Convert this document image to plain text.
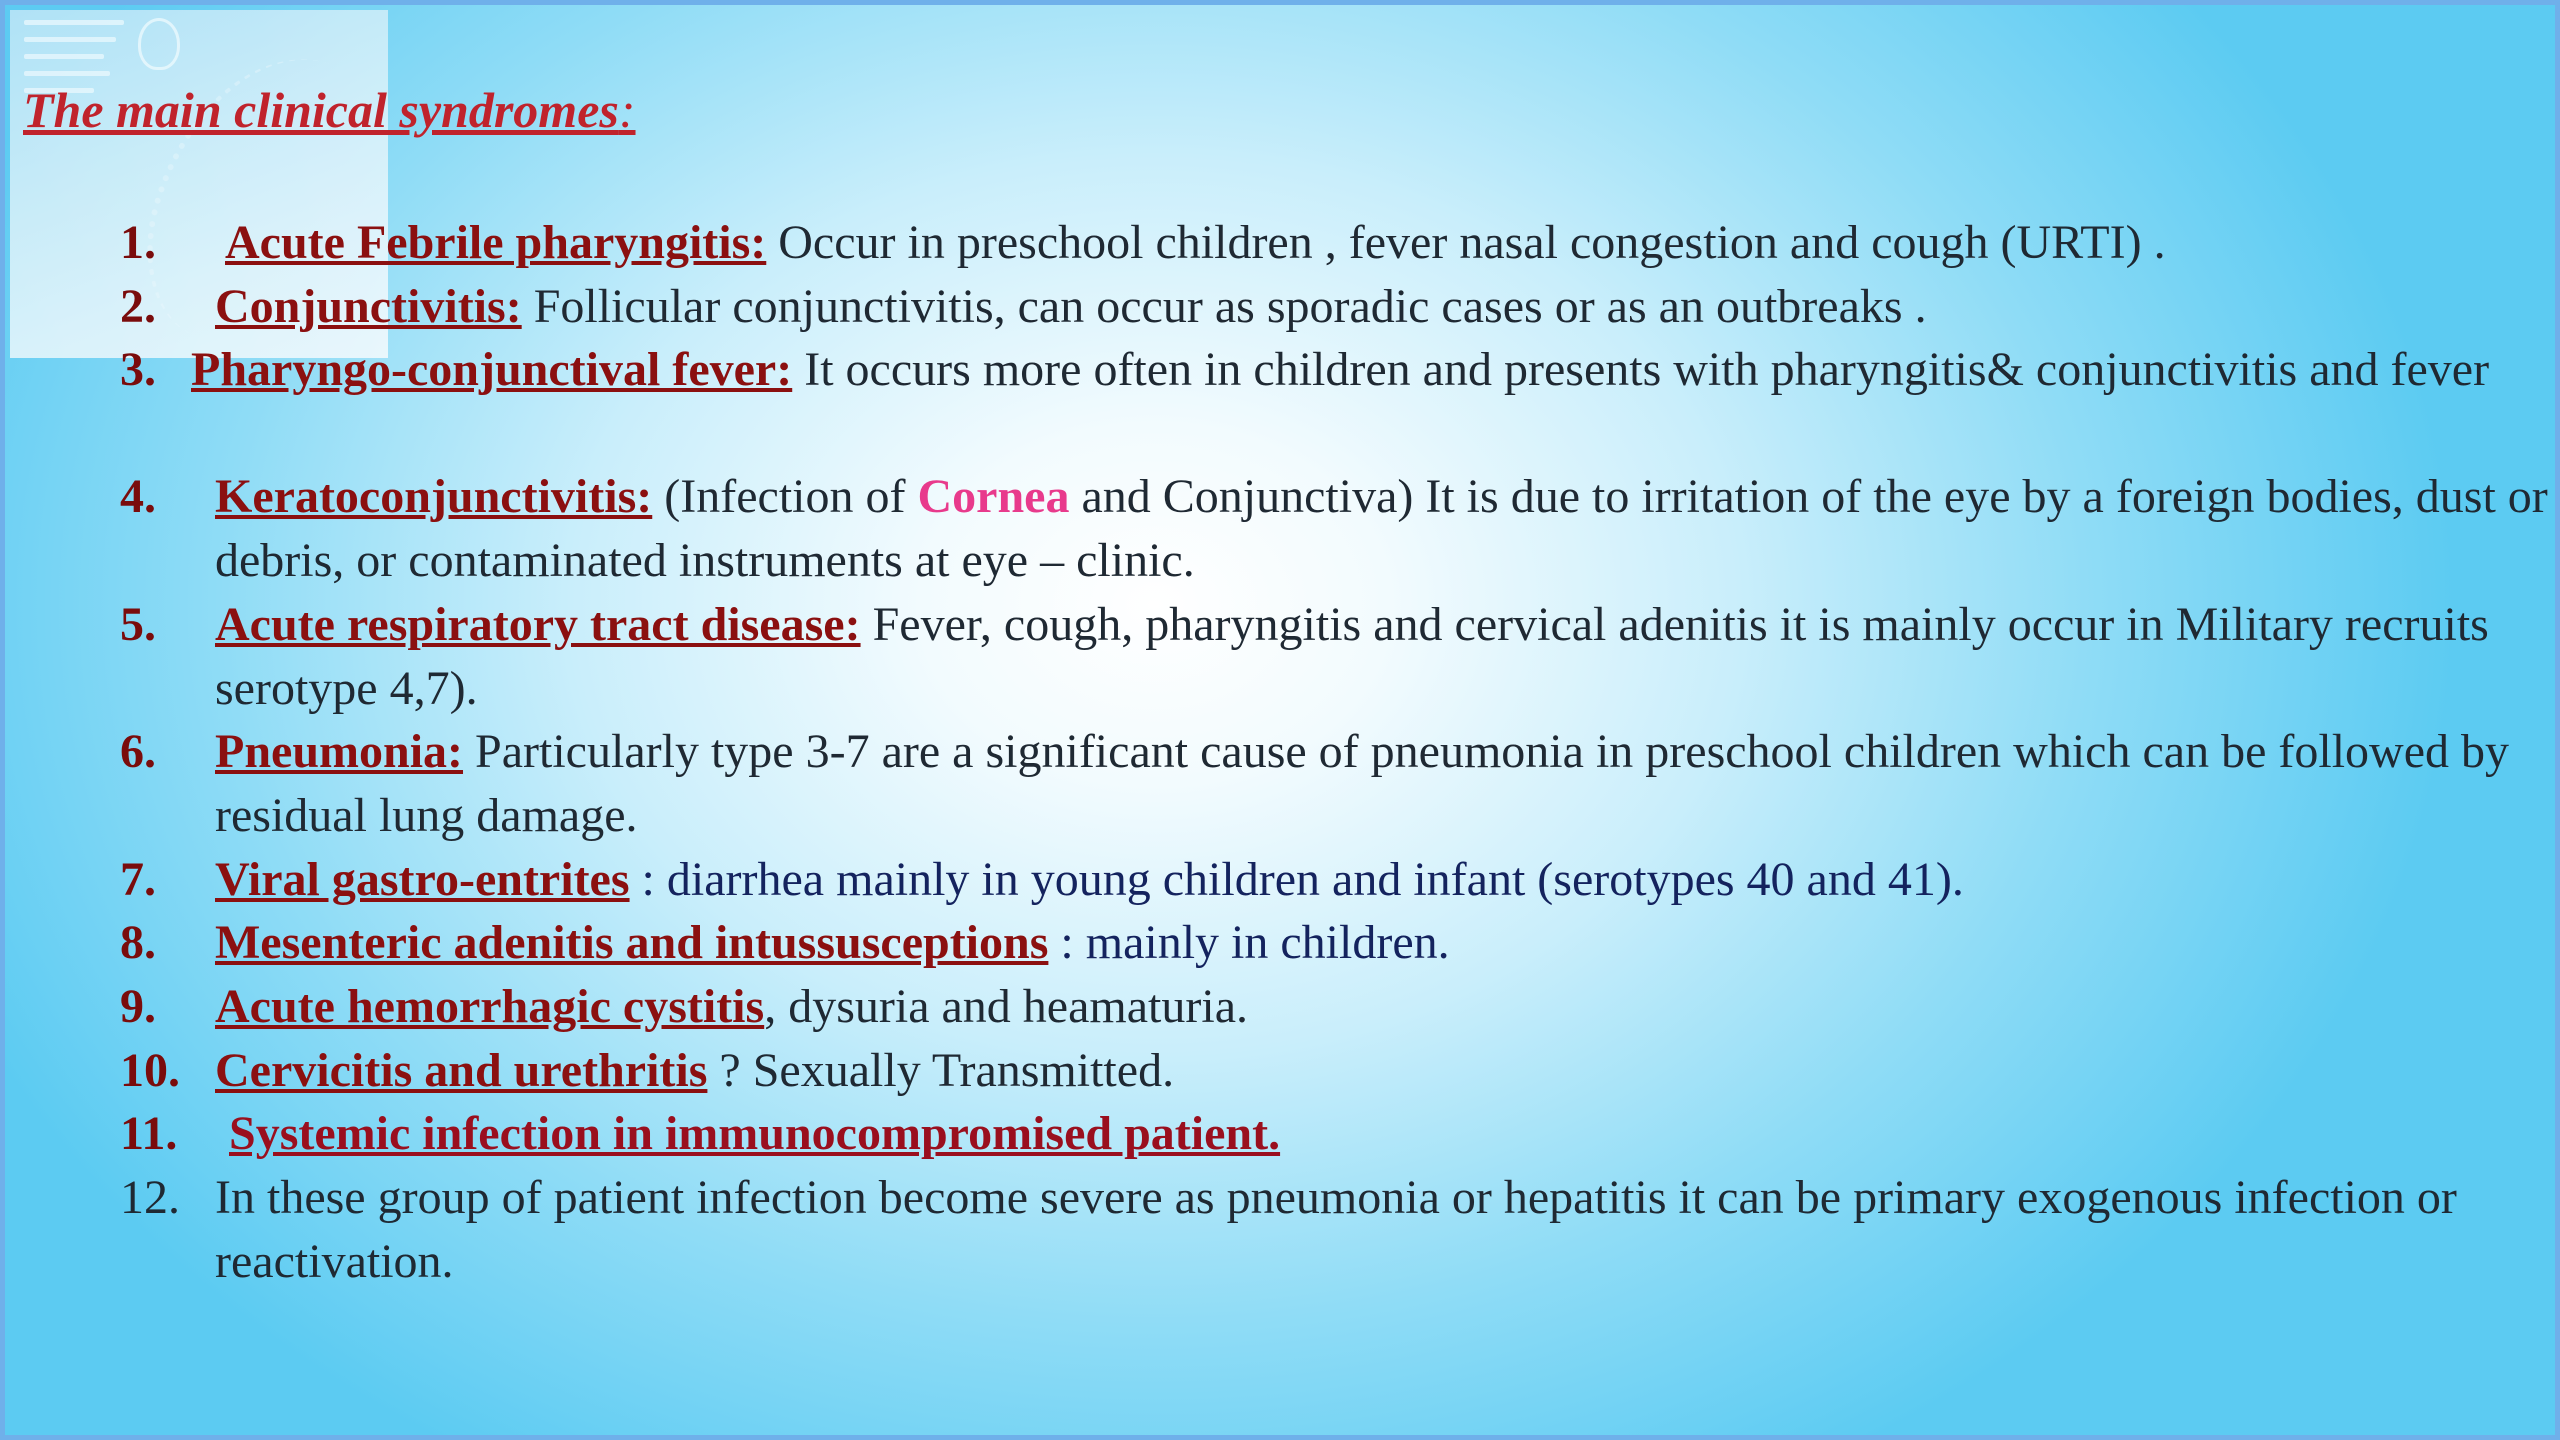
The main clinical syndromes:
1. Acute Febrile pharyngitis: Occur in preschool children , fever nasal congestion and cough (URTI) .
2. Conjunctivitis: Follicular conjunctivitis, can occur as sporadic cases or as an outbreaks .
3. Pharyngo-conjunctival fever: It occurs more often in children and presents with pharyngitis& conjunctivitis and fever
4. Keratoconjunctivitis: (Infection of Cornea and Conjunctiva) It is due to irritation of the eye by a foreign bodies, dust or debris, or contaminated instruments at eye – clinic.
5. Acute respiratory tract disease: Fever, cough, pharyngitis and cervical adenitis it is mainly occur in Military recruits serotype 4,7).
6. Pneumonia: Particularly type 3-7 are a significant cause of pneumonia in preschool children which can be followed by residual lung damage.
7. Viral gastro-entrites : diarrhea mainly in young children and infant (serotypes 40 and 41).
8. Mesenteric adenitis and intussusceptions : mainly in children.
9. Acute hemorrhagic cystitis, dysuria and heamaturia.
10. Cervicitis and urethritis ? Sexually Transmitted.
11. Systemic infection in immunocompromised patient.
12. In these group of patient infection become severe as pneumonia or hepatitis it can be primary exogenous infection or reactivation.
